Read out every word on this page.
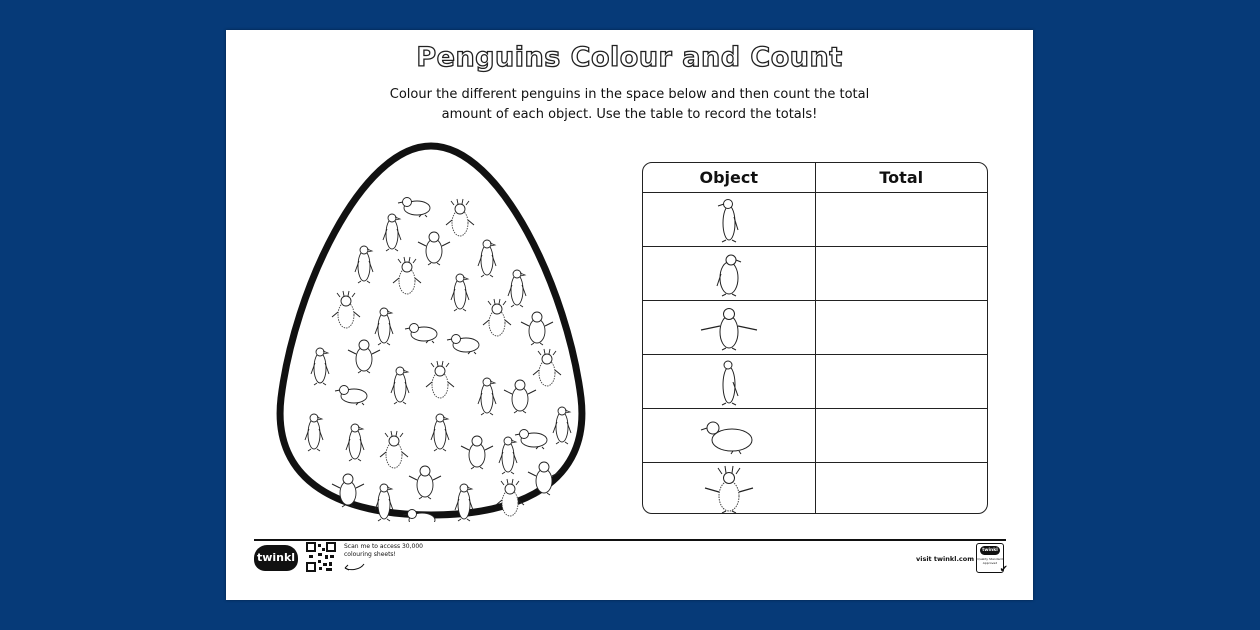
Penguins Colour and Count
Colour the different penguins in the space below and then count the total
amount of each object. Use the table to record the totals!
Object	Total
twinkl
Scan me to access 30,000 colouring sheets!
visit twinkl.com
twinkl
Quality Standard Approved
✔
